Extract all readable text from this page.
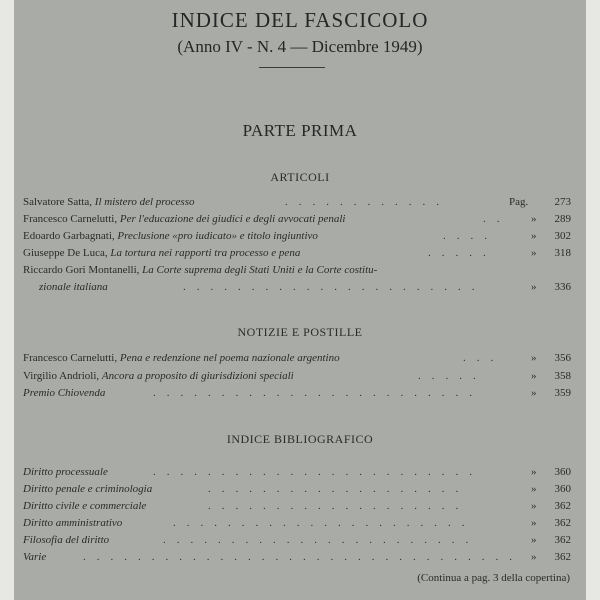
INDICE DEL FASCICOLO
(Anno IV - N. 4 — Dicembre 1949)
PARTE PRIMA
ARTICOLI
Salvatore Satta, Il mistero del processo	.    .    .    .    .    .    .    .    .    .    .    .	Pag. 273
Francesco Carnelutti, Per l'educazione dei giudici e degli avvocati penali	.    .	» 289
Edoardo Garbagnati, Preclusione «pro iudicato» e titolo ingiuntivo	.    .    .    .	» 302
Giuseppe De Luca, La tortura nei rapporti tra processo e pena	.    .    .    .    .	» 318
Riccardo Gori Montanelli, La Corte suprema degli Stati Uniti e la Corte costitu-
zionale italiana	.    .    .    .    .    .    .    .    .    .    .    .    .    .    .    .    .    .    .    .    .    .	» 336
NOTIZIE E POSTILLE
Francesco Carnelutti, Pena e redenzione nel poema nazionale argentino	.    .    .	» 356
Virgilio Andrioli, Ancora a proposito di giurisdizioni speciali	.    .    .    .    .	» 358
Premio Chiovenda	.    .    .    .    .    .    .    .    .    .    .    .    .    .    .    .    .    .    .    .    .    .    .    .	» 359
INDICE BIBLIOGRAFICO
Diritto processuale	.    .    .    .    .    .    .    .    .    .    .    .    .    .    .    .    .    .    .    .    .    .    .    .	» 360
Diritto penale e criminologia	.    .    .    .    .    .    .    .    .    .    .    .    .    .    .    .    .    .    .	» 360
Diritto civile e commerciale	.    .    .    .    .    .    .    .    .    .    .    .    .    .    .    .    .    .    .	» 362
Diritto amministrativo	.    .    .    .    .    .    .    .    .    .    .    .    .    .    .    .    .    .    .    .    .    .	» 362
Filosofia del diritto	.    .    .    .    .    .    .    .    .    .    .    .    .    .    .    .    .    .    .    .    .    .    .	» 362
Varie	.    .    .    .    .    .    .    .    .    .    .    .    .    .    .    .    .    .    .    .    .    .    .    .    .    .    .    .    .    .    .    . » 362
(Continua a pag. 3 della copertina)
